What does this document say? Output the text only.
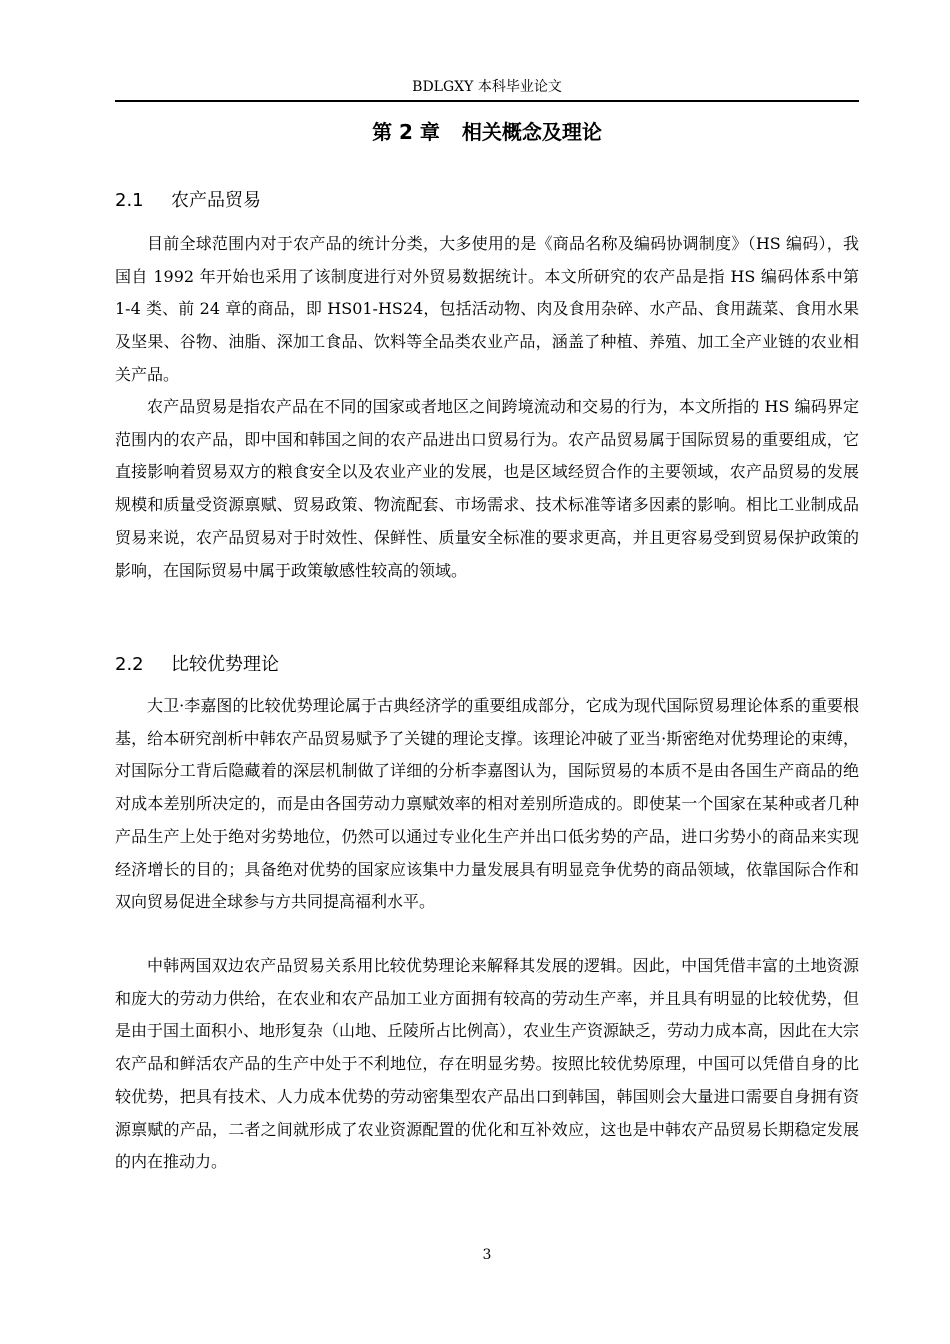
BDLGXY 本科毕业论文
第 2 章 相关概念及理论
2.1 农产品贸易

目前全球范围内对于农产品的统计分类，大多使用的是《商品名称及编码协调制度》（HS 编码），我国自 1992 年开始也采用了该制度进行对外贸易数据统计。本文所研究的农产品是指 HS 编码体系中第 1-4 类、前 24 章的商品，即 HS01-HS24，包括活动物、肉及食用杂碎、水产品、食用蔬菜、食用水果及坚果、谷物、油脂、深加工食品、饮料等全品类农业产品，涵盖了种植、养殖、加工全产业链的农业相关产品。

农产品贸易是指农产品在不同的国家或者地区之间跨境流动和交易的行为，本文所指的 HS 编码界定范围内的农产品，即中国和韩国之间的农产品进出口贸易行为。农产品贸易属于国际贸易的重要组成，它直接影响着贸易双方的粮食安全以及农业产业的发展，也是区域经贸合作的主要领域，农产品贸易的发展规模和质量受资源禀赋、贸易政策、物流配套、市场需求、技术标准等诸多因素的影响。相比工业制成品贸易来说，农产品贸易对于时效性、保鲜性、质量安全标准的要求更高，并且更容易受到贸易保护政策的影响，在国际贸易中属于政策敏感性较高的领域。

2.2 比较优势理论

大卫·李嘉图的比较优势理论属于古典经济学的重要组成部分，它成为现代国际贸易理论体系的重要根基，给本研究剖析中韩农产品贸易赋予了关键的理论支撑。该理论冲破了亚当·斯密绝对优势理论的束缚，对国际分工背后隐藏着的深层机制做了详细的分析李嘉图认为，国际贸易的本质不是由各国生产商品的绝对成本差别所决定的，而是由各国劳动力禀赋效率的相对差别所造成的。即使某一个国家在某种或者几种产品生产上处于绝对劣势地位，仍然可以通过专业化生产并出口低劣势的产品，进口劣势小的商品来实现经济增长的目的；具备绝对优势的国家应该集中力量发展具有明显竞争优势的商品领域，依靠国际合作和双向贸易促进全球参与方共同提高福利水平。

中韩两国双边农产品贸易关系用比较优势理论来解释其发展的逻辑。因此，中国凭借丰富的土地资源和庞大的劳动力供给，在农业和农产品加工业方面拥有较高的劳动生产率，并且具有明显的比较优势，但是由于国土面积小、地形复杂（山地、丘陵所占比例高），农业生产资源缺乏，劳动力成本高，因此在大宗农产品和鲜活农产品的生产中处于不利地位，存在明显劣势。按照比较优势原理，中国可以凭借自身的比较优势，把具有技术、人力成本优势的劳动密集型农产品出口到韩国，韩国则会大量进口需要自身拥有资源禀赋的产品，二者之间就形成了农业资源配置的优化和互补效应，这也是中韩农产品贸易长期稳定发展的内在推动力。

3
